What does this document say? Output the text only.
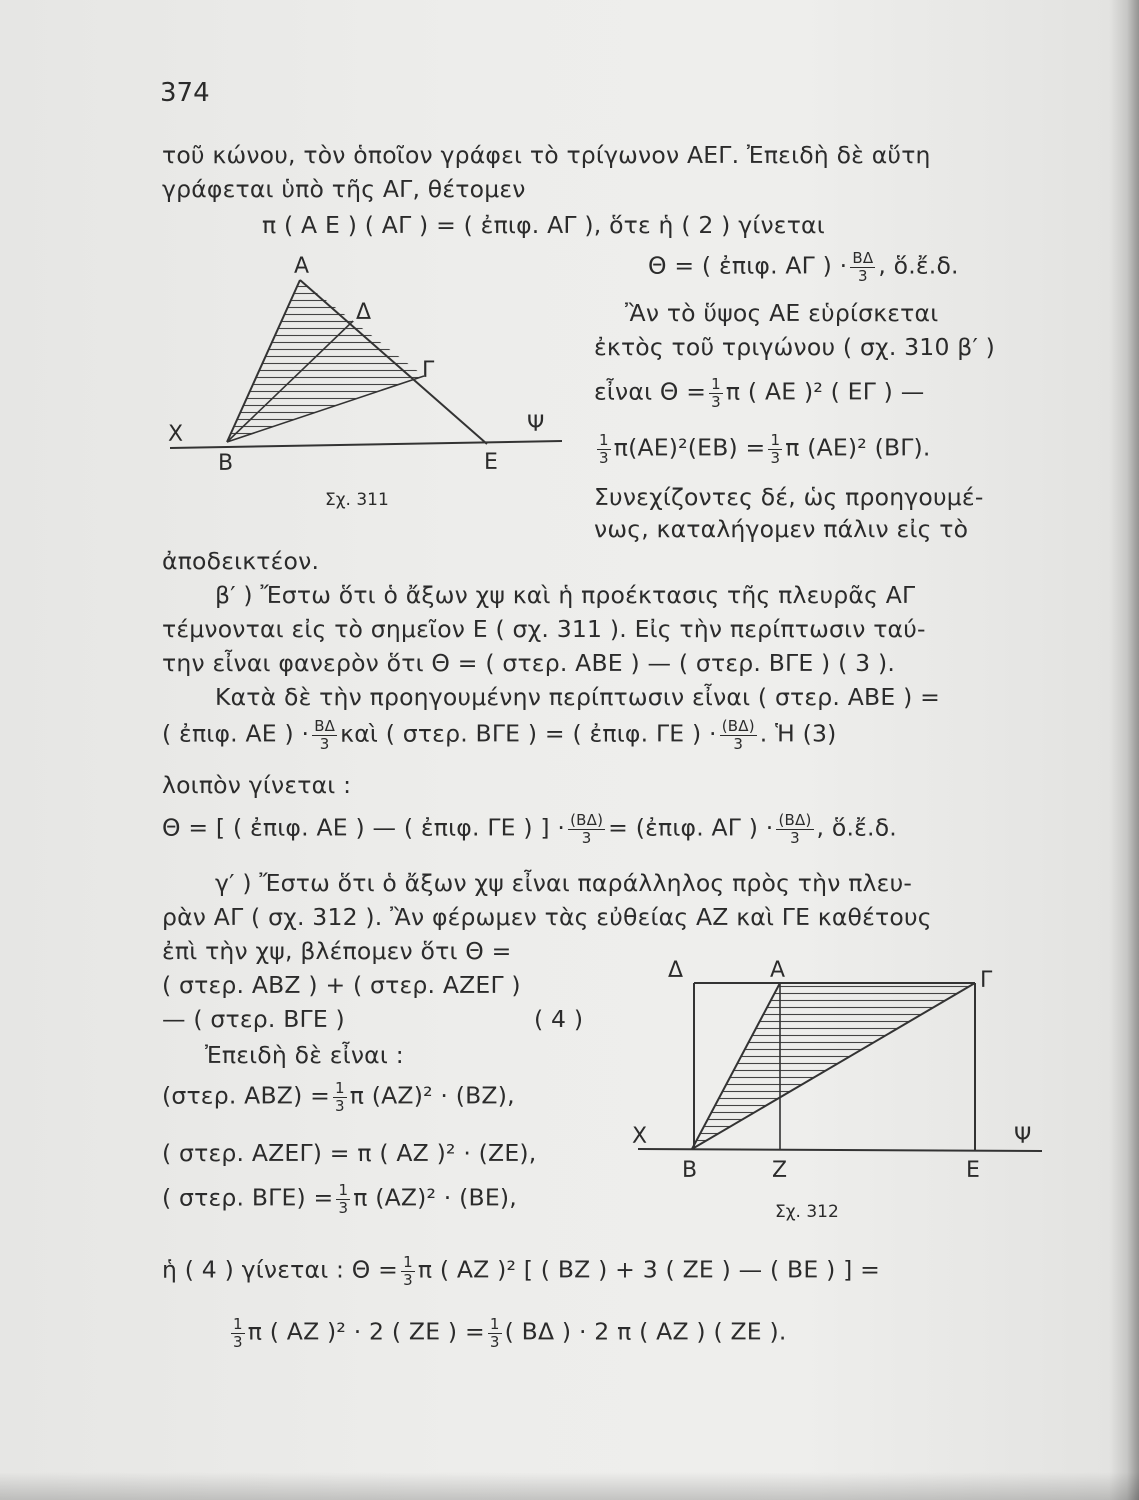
374
τοῦ κώνου, τὸν ὁποῖον γράφει τὸ τρίγωνον ΑΕΓ. Ἐπειδὴ δὲ αὕτη
γράφεται ὑπὸ τῆς ΑΓ, θέτομεν
π ( Α Ε ) ( ΑΓ ) = ( ἐπιφ. ΑΓ ), ὅτε ἡ ( 2 ) γίνεται
Θ = ( ἐπιφ. ΑΓ ) · $\frac{B\Delta}{3}$ , ὅ.ἔ.δ.
Ἂν τὸ ὕψος ΑΕ εὑρίσκεται
ἐκτὸς τοῦ τριγώνου ( σχ. 310 β′ )
εἶναι $\Theta = \frac{1}{3}$ π ( ΑΕ )² ( ΕΓ ) —
$\frac{1}{3} \pi(AE)^2(EB) = \frac{1}{3}$ π (ΑΕ)² (ΒΓ).
Συνεχίζοντες δέ, ὡς προηγουμέ-
νως, καταλήγομεν πάλιν εἰς τὸ
ἀποδεικτέον.
β′ ) Ἔστω ὅτι ὁ ἄξων χψ καὶ ἡ προέκτασις τῆς πλευρᾶς ΑΓ
τέμνονται εἰς τὸ σημεῖον Ε ( σχ. 311 ). Εἰς τὴν περίπτωσιν ταύ-
την εἶναι φανερὸν ὅτι Θ = ( στερ. ΑΒΕ ) — ( στερ. ΒΓΕ ) ( 3 ).
Κατὰ δὲ τὴν προηγουμένην περίπτωσιν εἶναι ( στερ. ΑΒΕ ) =
( ἐπιφ. ΑΕ ) · $\frac{B\Delta}{3}$ καὶ ( στερ. ΒΓΕ ) = ( ἐπιφ. ΓΕ ) · $\frac{(B\Delta)}{3}$ . Ἡ (3)
λοιπὸν γίνεται :
Θ = [ ( ἐπιφ. ΑΕ ) — ( ἐπιφ. ΓΕ ) ] · $\frac{(B\Delta)}{3}$ = (ἐπιφ. ΑΓ ) · $\frac{(B\Delta)}{3}$ , ὅ.ἔ.δ.
γ′ ) Ἔστω ὅτι ὁ ἄξων χψ εἶναι παράλληλος πρὸς τὴν πλευ-
ρὰν ΑΓ ( σχ. 312 ). Ἂν φέρωμεν τὰς εὐθείας ΑΖ καὶ ΓΕ καθέτους
ἐπὶ τὴν χψ, βλέπομεν ὅτι Θ =
( στερ. ΑΒΖ ) + ( στερ. ΑΖΕΓ )
— ( στερ. ΒΓΕ )	( 4 )
Ἐπειδὴ δὲ εἶναι :
(στερ. $ABZ) = \frac{1}{3}$ π (ΑΖ)² · (ΒΖ),
( στερ. ΑΖΕΓ) = π ( ΑΖ )² · (ΖΕ),
( στερ. $B\Gamma E) = \frac{1}{3}$ π (ΑΖ)² · (ΒΕ),
ἡ ( 4 ) γίνεται : $\Theta = \frac{1}{3}$ π ( ΑΖ )² [ ( ΒΖ ) + 3 ( ΖΕ ) — ( ΒΕ ) ] =
$\frac{1}{3}$ π ( ΑΖ )² · 2 ( ΖΕ ) = $\frac{1}{3}$ ( ΒΔ ) · 2 π ( ΑΖ ) ( ΖΕ ).
Α
Δ
Γ
Χ	Ψ
Β	Ε
Σχ. 311
Δ	Α	Γ
Χ	Ψ
Β	Ζ	Ε
Σχ. 312
